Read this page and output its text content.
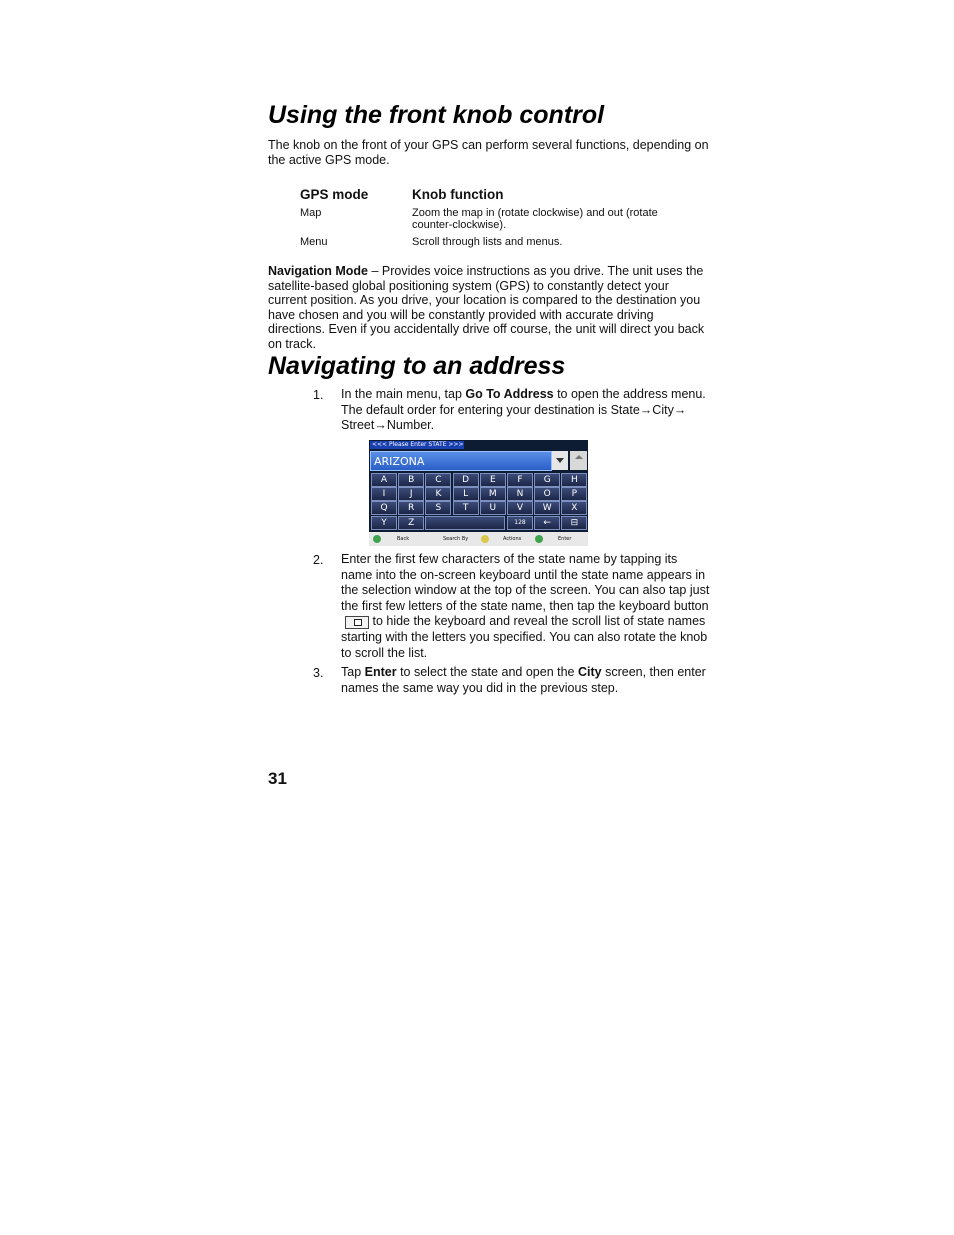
Using the front knob control

The knob on the front of your GPS can perform several functions, depending on the active GPS mode.

GPS mode	Knob function
Map	Zoom the map in (rotate clockwise) and out (rotate counter-clockwise).
Menu	Scroll through lists and menus.

Navigation Mode – Provides voice instructions as you drive. The unit uses the satellite-based global positioning system (GPS) to constantly detect your current position. As you drive, your location is compared to the destination you have chosen and you will be constantly provided with accurate driving directions. Even if you accidentally drive off course, the unit will direct you back on track.

Navigating to an address
1. In the main menu, tap Go To Address to open the address menu. The default order for entering your destination is State→City→ Street→Number.

<<< Please Enter STATE >>>
ARIZONA
A	B	C	D	E	F	G	H
I	J	K	L	M	N	O	P
Q	R	S	T	U	V	W	X
Y	Z	128	←	⊟
Back	Search By	Actions	Enter
2. Enter the first few characters of the state name by tapping its name into the on-screen keyboard until the state name appears in the selection window at the top of the screen. You can also tap just the first few letters of the state name, then tap the keyboard button to hide the keyboard and reveal the scroll list of state names starting with the letters you specified. You can also rotate the knob to scroll the list.

3. Tap Enter to select the state and open the City screen, then enter names the same way you did in the previous step.

31
